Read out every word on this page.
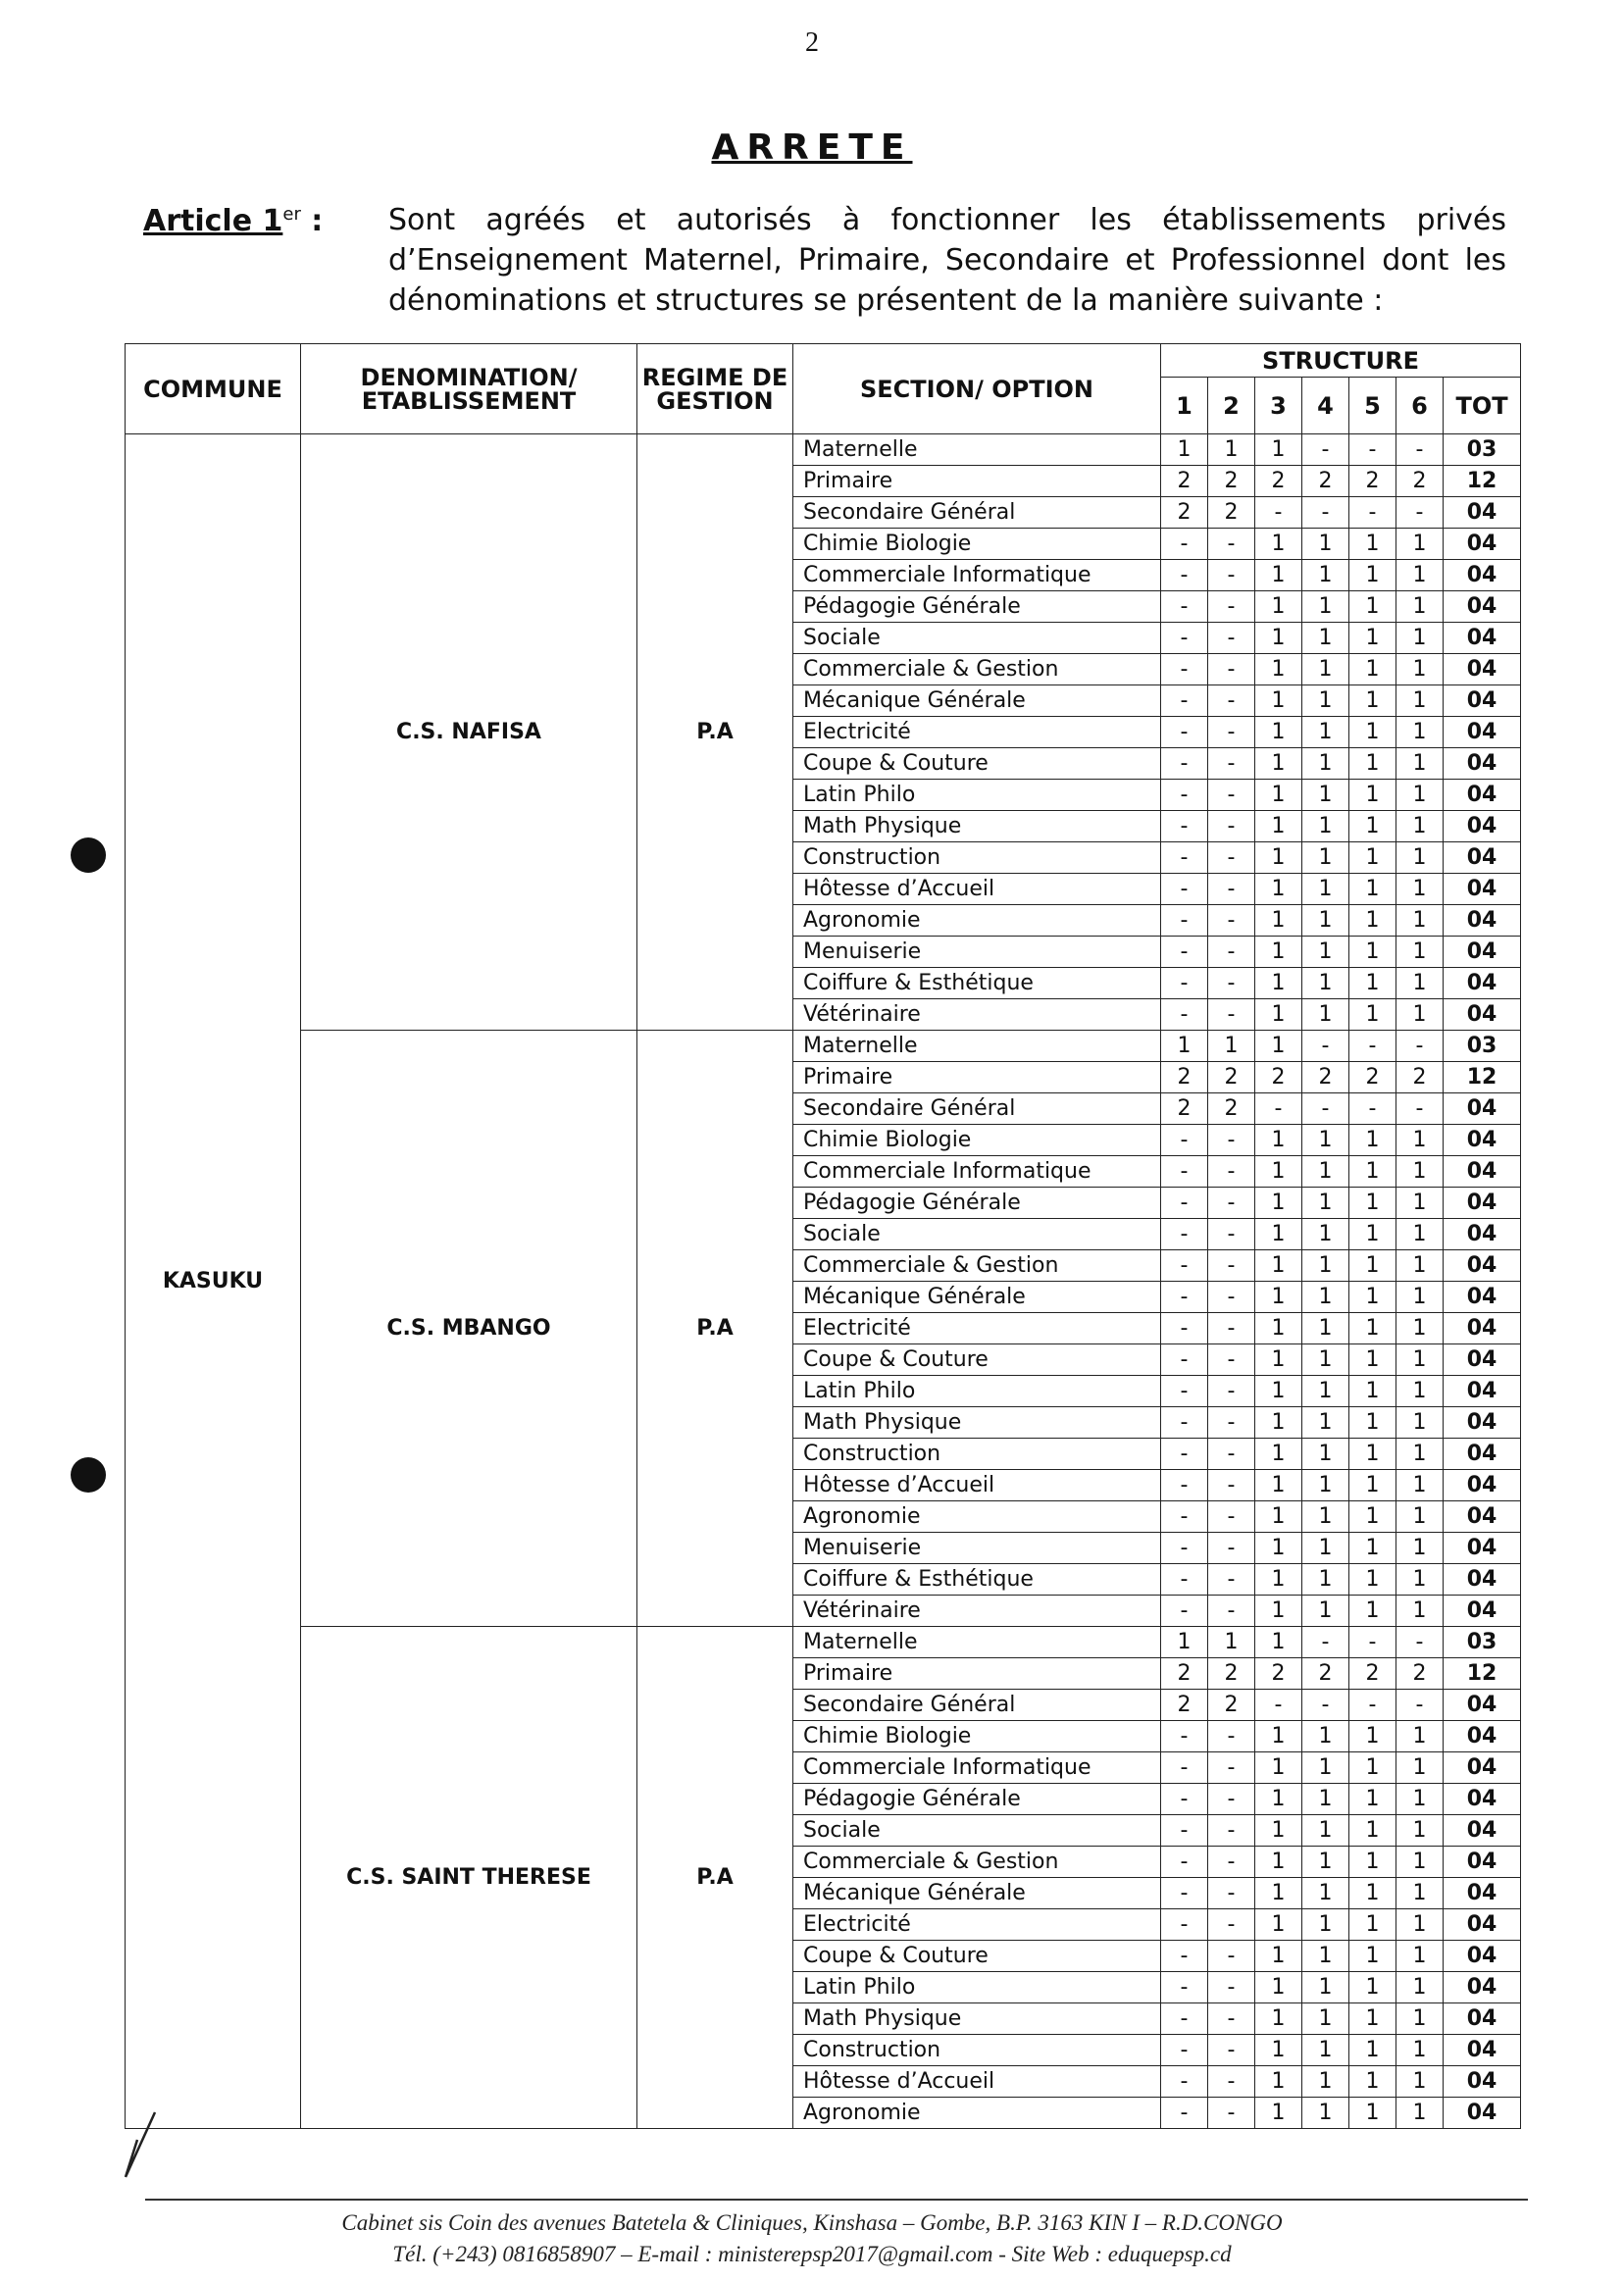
2
ARRETE
Article 1er : Sont agréés et autorisés à fonctionner les établissements privés d’Enseignement Maternel, Primaire, Secondaire et Professionnel dont les dénominations et structures se présentent de la manière suivante :
COMMUNE	DENOMINATION/ ETABLISSEMENT	REGIME DE GESTION	SECTION/ OPTION	STRUCTURE						
				1	2	3	4	5	6	TOT
KASUKU	C.S. NAFISA	P.A	Maternelle	1	1	1	-	-	-	03
			Primaire	2	2	2	2	2	2	12
			Secondaire Général	2	2	-	-	-	-	04
			Chimie Biologie	-	-	1	1	1	1	04
			Commerciale Informatique	-	-	1	1	1	1	04
			Pédagogie Générale	-	-	1	1	1	1	04
			Sociale	-	-	1	1	1	1	04
			Commerciale & Gestion	-	-	1	1	1	1	04
			Mécanique Générale	-	-	1	1	1	1	04
			Electricité	-	-	1	1	1	1	04
			Coupe & Couture	-	-	1	1	1	1	04
			Latin Philo	-	-	1	1	1	1	04
			Math Physique	-	-	1	1	1	1	04
			Construction	-	-	1	1	1	1	04
			Hôtesse d’Accueil	-	-	1	1	1	1	04
			Agronomie	-	-	1	1	1	1	04
			Menuiserie	-	-	1	1	1	1	04
			Coiffure & Esthétique	-	-	1	1	1	1	04
			Vétérinaire	-	-	1	1	1	1	04
	C.S. MBANGO	P.A	Maternelle	1	1	1	-	-	-	03
			Primaire	2	2	2	2	2	2	12
			Secondaire Général	2	2	-	-	-	-	04
			Chimie Biologie	-	-	1	1	1	1	04
			Commerciale Informatique	-	-	1	1	1	1	04
			Pédagogie Générale	-	-	1	1	1	1	04
			Sociale	-	-	1	1	1	1	04
			Commerciale & Gestion	-	-	1	1	1	1	04
			Mécanique Générale	-	-	1	1	1	1	04
			Electricité	-	-	1	1	1	1	04
			Coupe & Couture	-	-	1	1	1	1	04
			Latin Philo	-	-	1	1	1	1	04
			Math Physique	-	-	1	1	1	1	04
			Construction	-	-	1	1	1	1	04
			Hôtesse d’Accueil	-	-	1	1	1	1	04
			Agronomie	-	-	1	1	1	1	04
			Menuiserie	-	-	1	1	1	1	04
			Coiffure & Esthétique	-	-	1	1	1	1	04
			Vétérinaire	-	-	1	1	1	1	04
	C.S. SAINT THERESE	P.A	Maternelle	1	1	1	-	-	-	03
			Primaire	2	2	2	2	2	2	12
			Secondaire Général	2	2	-	-	-	-	04
			Chimie Biologie	-	-	1	1	1	1	04
			Commerciale Informatique	-	-	1	1	1	1	04
			Pédagogie Générale	-	-	1	1	1	1	04
			Sociale	-	-	1	1	1	1	04
			Commerciale & Gestion	-	-	1	1	1	1	04
			Mécanique Générale	-	-	1	1	1	1	04
			Electricité	-	-	1	1	1	1	04
			Coupe & Couture	-	-	1	1	1	1	04
			Latin Philo	-	-	1	1	1	1	04
			Math Physique	-	-	1	1	1	1	04
			Construction	-	-	1	1	1	1	04
			Hôtesse d’Accueil	-	-	1	1	1	1	04
			Agronomie	-	-	1	1	1	1	04
Cabinet sis Coin des avenues Batetela & Cliniques, Kinshasa – Gombe, B.P. 3163 KIN I – R.D.CONGO
Tél. (+243) 0816858907 – E-mail : ministerepsp2017@gmail.com - Site Web : eduquepsp.cd
